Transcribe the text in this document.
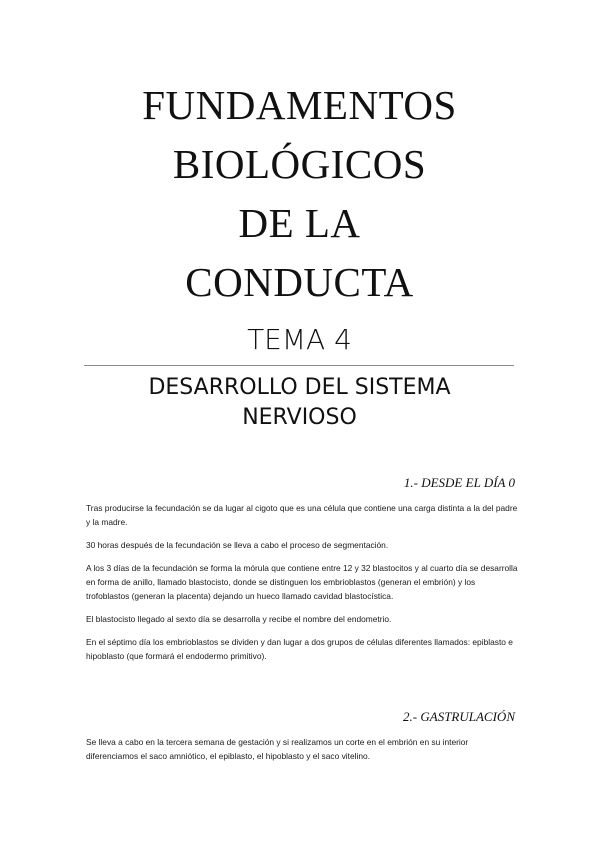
FUNDAMENTOS
BIOLÓGICOS
DE LA
CONDUCTA
TEMA 4
DESARROLLO DEL SISTEMA
NERVIOSO
1.- DESDE EL DÍA 0

Tras producirse la fecundación se da lugar al cigoto que es una célula que contiene una carga distinta a la del padre y la madre.

30 horas después de la fecundación se lleva a cabo el proceso de segmentación.

A los 3 días de la fecundación se forma la mórula que contiene entre 12 y 32 blastocitos y al cuarto día se desarrolla en forma de anillo, llamado blastocisto, donde se distinguen los embrioblastos (generan el embrión) y los trofoblastos (generan la placenta) dejando un hueco llamado cavidad blastocística.

El blastocisto llegado al sexto día se desarrolla y recibe el nombre del endometrio.

En el séptimo día los embrioblastos se dividen y dan lugar a dos grupos de células diferentes llamados: epiblasto e hipoblasto (que formará el endodermo primitivo).

2.- GASTRULACIÓN

Se lleva a cabo en la tercera semana de gestación y si realizamos un corte en el embrión en su interior diferenciamos el saco amniótico, el epiblasto, el hipoblasto y el saco vitelino.
